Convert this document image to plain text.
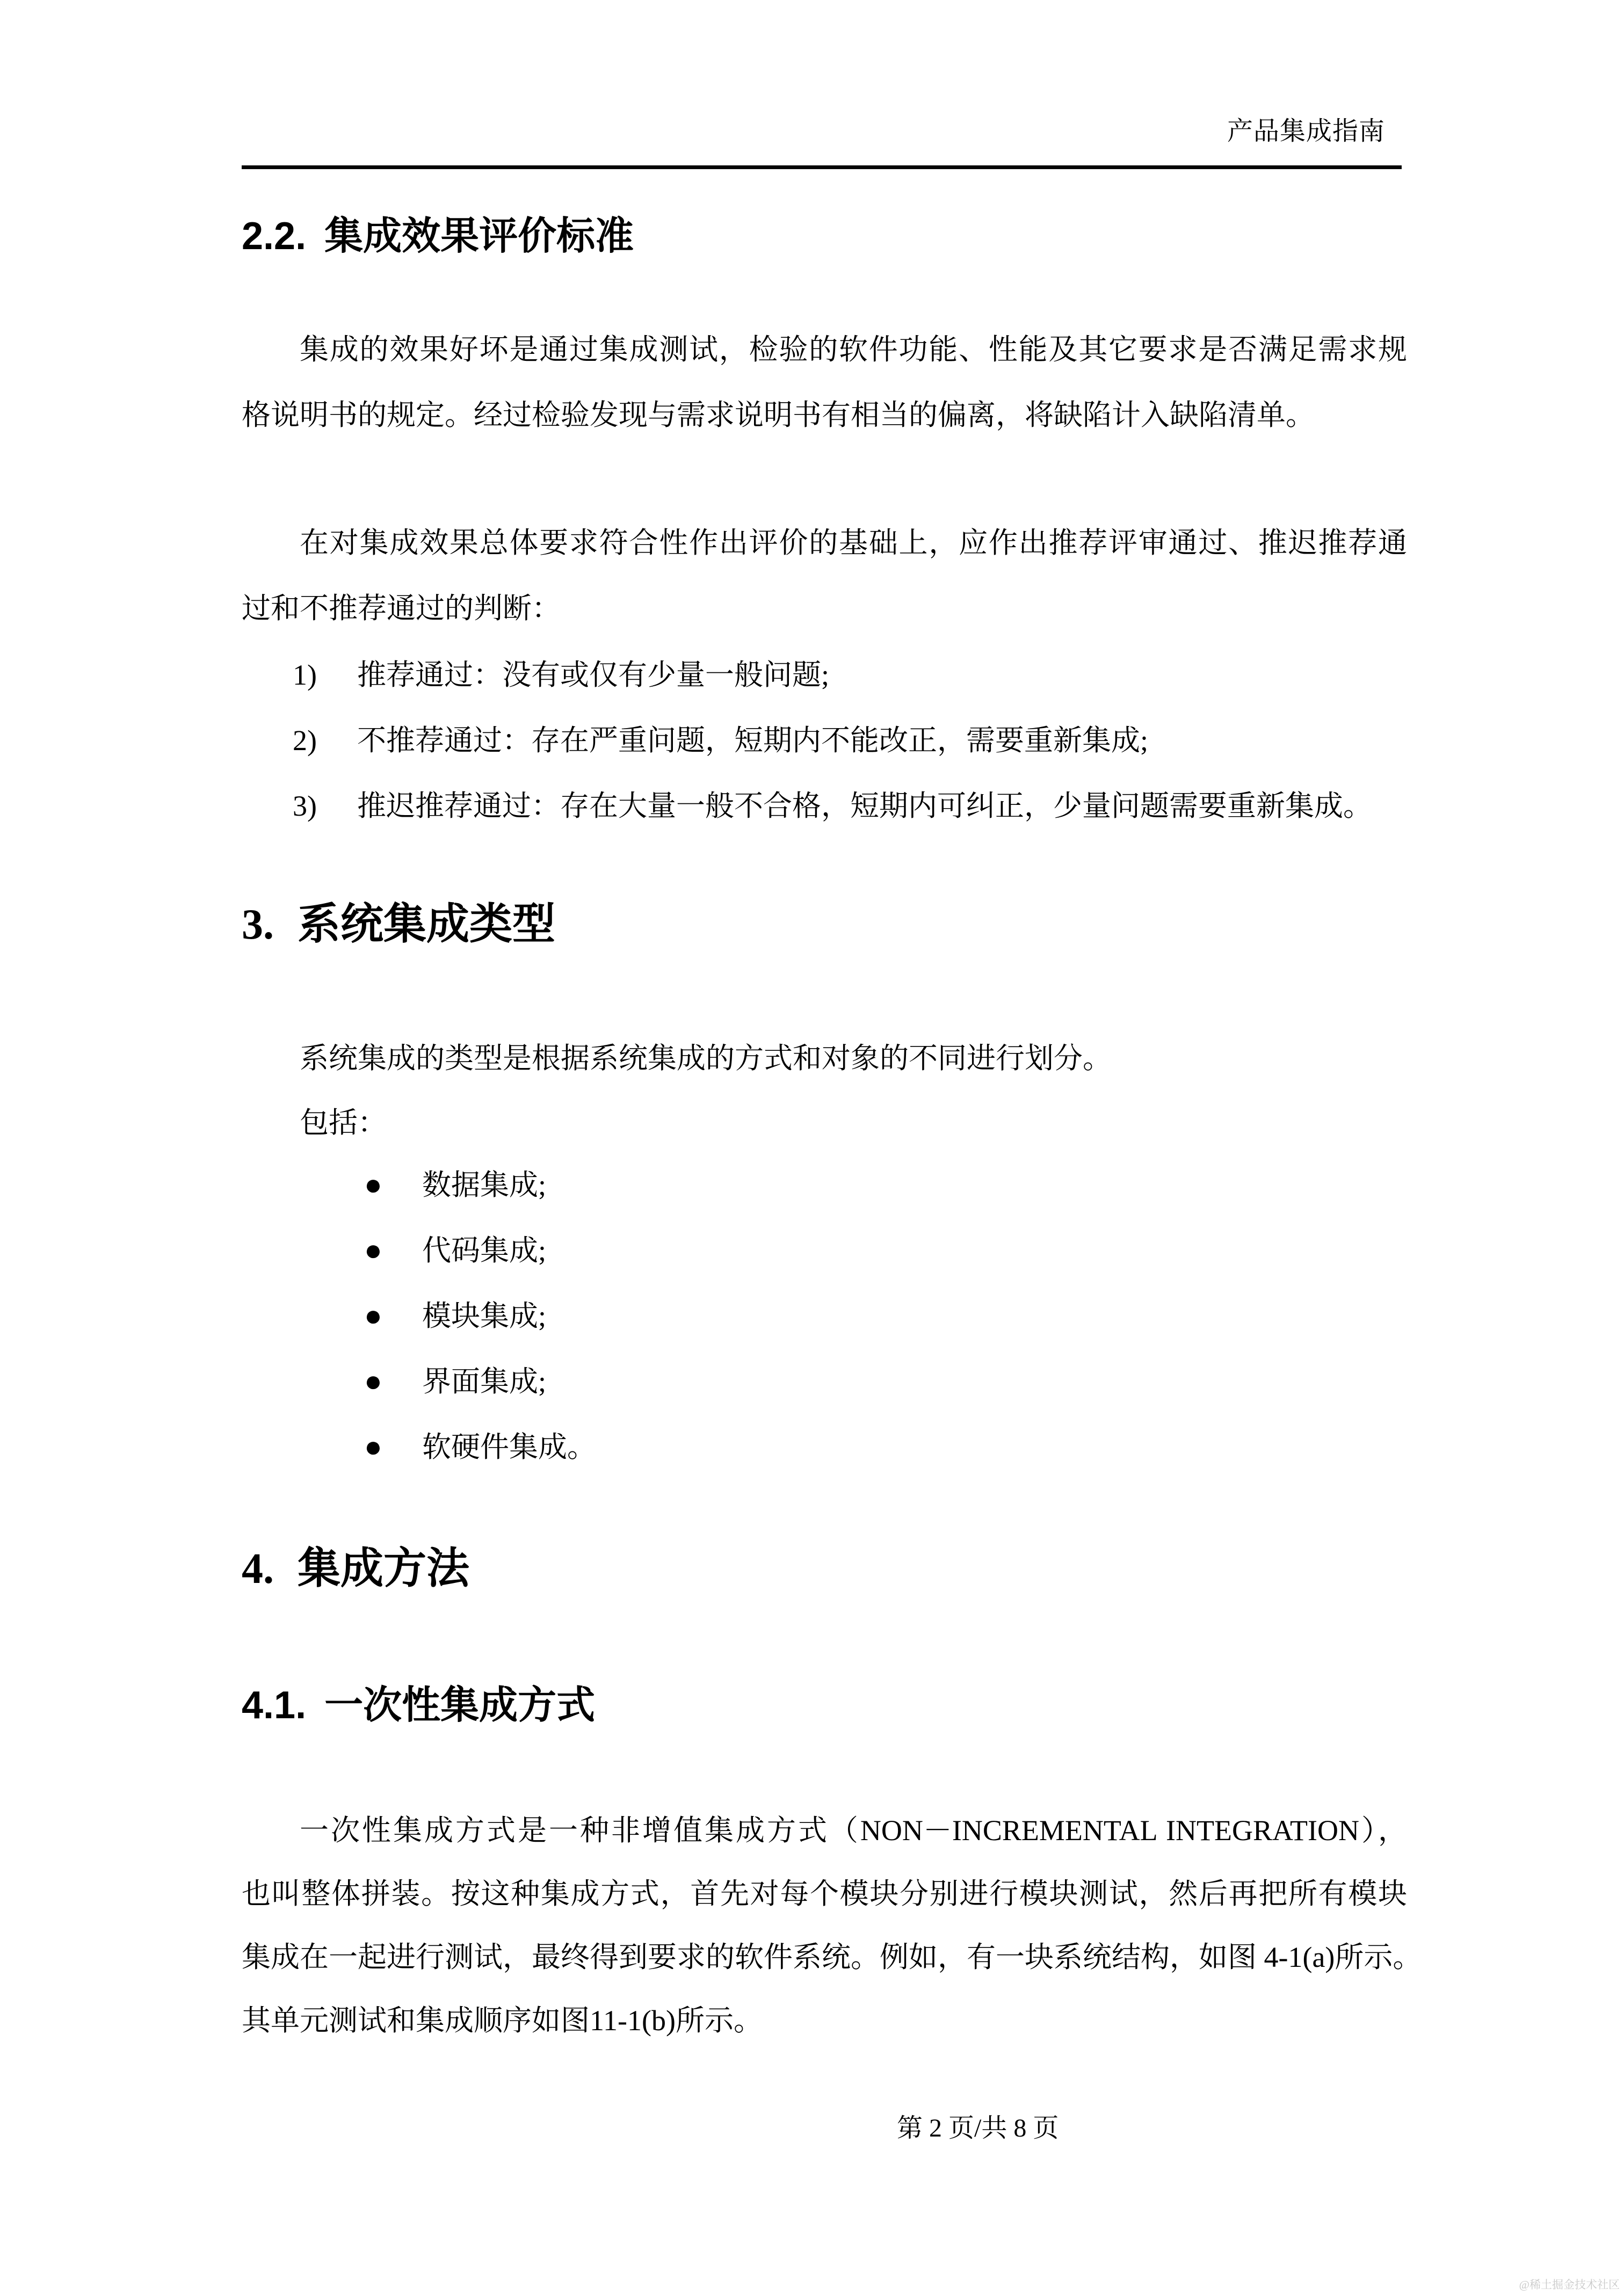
产品集成指南
2.2. 集成效果评价标准
集成的效果好坏是通过集成测试，检验的软件功能、性能及其它要求是否满足需求规
格说明书的规定。经过检验发现与需求说明书有相当的偏离，将缺陷计入缺陷清单。
在对集成效果总体要求符合性作出评价的基础上，应作出推荐评审通过、推迟推荐通
过和不推荐通过的判断：
1)	推荐通过：没有或仅有少量一般问题;
2)	不推荐通过：存在严重问题，短期内不能改正，需要重新集成;
3)	推迟推荐通过：存在大量一般不合格，短期内可纠正，少量问题需要重新集成。
3. 系统集成类型
系统集成的类型是根据系统集成的方式和对象的不同进行划分。
包括：
●	数据集成;
●	代码集成;
●	模块集成;
●	界面集成;
●	软硬件集成。
4. 集成方法
4.1. 一次性集成方式
一次性集成方式是一种非增值集成方式（NON－INCREMENTAL INTEGRATION），
也叫整体拼装。按这种集成方式，首先对每个模块分别进行模块测试，然后再把所有模块
集成在一起进行测试，最终得到要求的软件系统。例如，有一块系统结构，如图 4-1(a)所示。
其单元测试和集成顺序如图11-1(b)所示。
第 2 页/共 8 页
@稀土掘金技术社区
